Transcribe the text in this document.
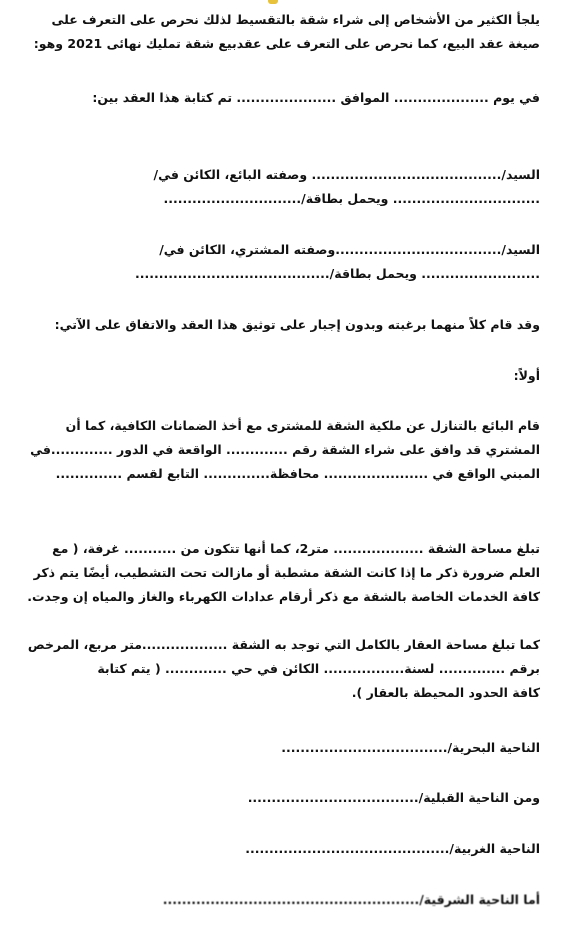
يلجأ الكثير من الأشخاص إلى شراء شقة بالتقسيط لذلك نحرص على التعرف على
صيغة عقد البيع، كما نحرص على التعرف على عقدبيع شقة تمليك نهائى 2021 وهو:
في يوم .................... الموافق ..................... تم كتابة هذا العقد بين:
السيد/........................................ وصفته البائع، الكائن في/
............................... ويحمل بطاقة/.............................
السيد/...................................وصفته المشتري، الكائن في/
......................... ويحمل بطاقة/.........................................
وقد قام كلاً منهما برغبته وبدون إجبار على توثيق هذا العقد والاتفاق على الآتي:
أولاً:
قام البائع بالتنازل عن ملكية الشقة للمشترى مع أخذ الضمانات الكافية، كما أن
المشتري قد وافق على شراء الشقة رقم ............. الواقعة في الدور .............في
المبني الواقع في ...................... محافظة.............. التابع لقسم ..............
تبلغ مساحة الشقة ................... متر2، كما أنها تتكون من ........... غرفة، ( مع
العلم ضرورة ذكر ما إذا كانت الشقة مشطبة أو مازالت تحت التشطيب، أيضًا يتم ذكر
كافة الخدمات الخاصة بالشقة مع ذكر أرقام عدادات الكهرباء والغاز والمياه إن وجدت.
كما تبلغ مساحة العقار بالكامل التي توجد به الشقة ..................متر مربع، المرخص
برقم .............. لسنة................. الكائن في حي ............. ( يتم كتابة
كافة الحدود المحيطة بالعقار ).
الناحية البحرية/...................................
ومن الناحية القبلية/....................................
الناحية الغربية/...........................................
أما الناحية الشرقية/......................................................
